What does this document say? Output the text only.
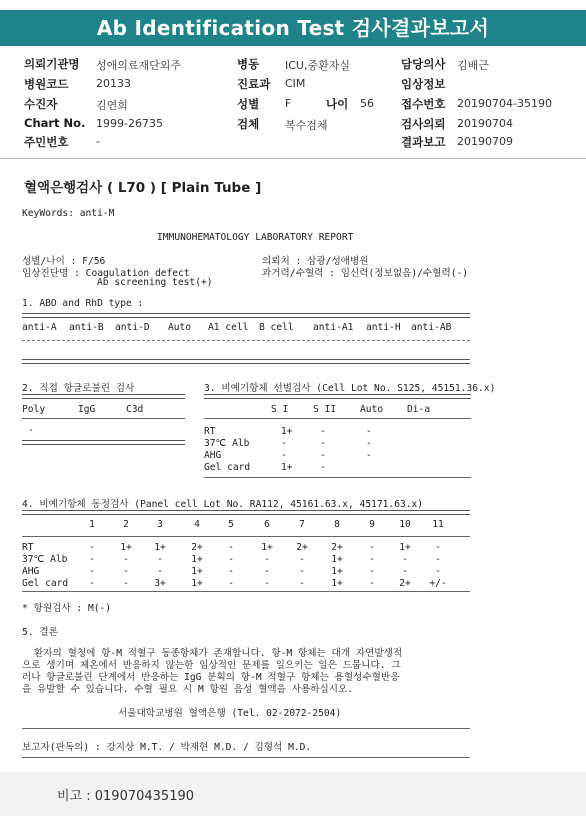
Ab Identification Test 검사결과보고서
의뢰기관명 성애의료재단외주
병원코드	20133
수진자	김연희
Chart No. 1999-26735
주민번호	-
병동 ICU,중환자실
진료과 CIM
성별 F	나이 56
검체 복수검체
담당의사 김배근
임상정보
접수번호 20190704-35190
검사의뢰 20190704
결과보고 20190709
혈액은행검사 ( L70 ) [ Plain Tube ]
KeyWords: anti-M
IMMUNOHEMATOLOGY LABORATORY REPORT
성별/나이 : F/56
임상진단명 : Coagulation defect
Ab screening test(+)
의뢰처 : 삼광/성애병원
과거력/수혈력 : 임신력(정보없음)/수혈력(-)
1. ABO and RhD type :
anti-A anti-B anti-D Auto A1 cell B cell anti-A1 anti-H anti-AB
2. 직접 항글로불린 검사
Poly	IgG	C3d
-
3. 비예기항체 선별검사 (Cell Lot No. S125, 45151.36.x)
S I	S II Auto Di-a
RT	1+	-	-
37℃ Alb	-	-	-
AHG	-	-	-
Gel card	1+	-
4. 비예기항체 동정검사 (Panel cell Lot No. RA112, 45161.63.x, 45171.63.x)
1	2	3	4	5	6	7	8	9	10	11
RT	-	1+	1+	2+	-	1+	2+	2+	-	1+	-
37℃ Alb	-	-	-	1+	-	-	-	1+	-	-	-
AHG	-	-	-	1+	-	-	-	1+	-	-	-
Gel card	-	-	3+	1+	-	-	-	1+	-	2+	+/-
* 항원검사 : M(-)
5. 결론
환자의 혈청에 항-M 적혈구 동종항체가 존재합니다. 항-M 항체는 대개 자연발생적
으로 생기며 체온에서 반응하지 않는한 임상적인 문제를 일으키는 일은 드뭅니다. 그
러나 항글로불린 단계에서 반응하는 IgG 분획의 항-M 적혈구 항체는 용혈성수혈반응
을 유발할 수 있습니다. 수혈 필요 시 M 항원 음성 혈액을 사용하십시오.
서울대학교병원 혈액은행 (Tel. 02-2072-2504)
보고자(판독의) : 강지상 M.T. / 박재현 M.D. / 김형석 M.D.
비고 : 019070435190
